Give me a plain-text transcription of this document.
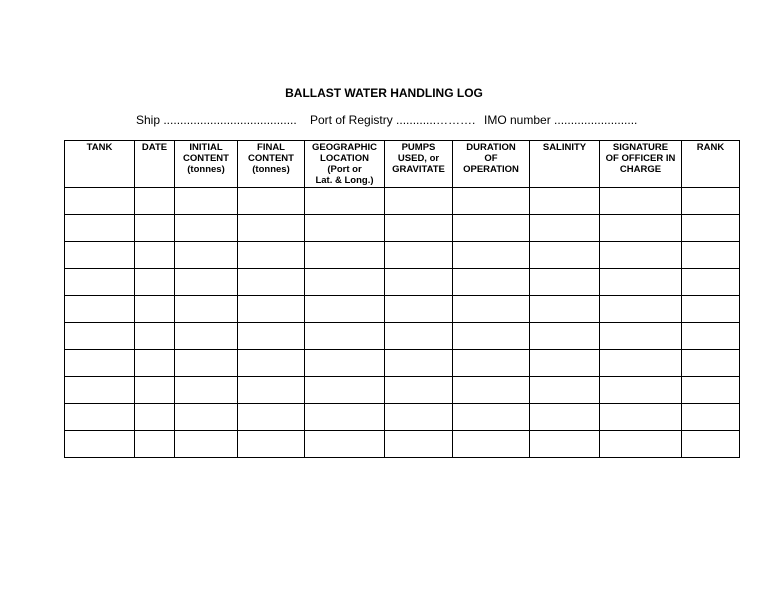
BALLAST WATER HANDLING LOG
Ship ........................................ Port of Registry ............………. IMO number .........................
TANK	DATE	INITIAL
CONTENT
(tonnes)	FINAL
CONTENT
(tonnes)	GEOGRAPHIC
LOCATION
(Port or
Lat. & Long.)	PUMPS
USED, or
GRAVITATE	DURATION
OF
OPERATION	SALINITY	SIGNATURE
OF OFFICER IN
CHARGE	RANK
